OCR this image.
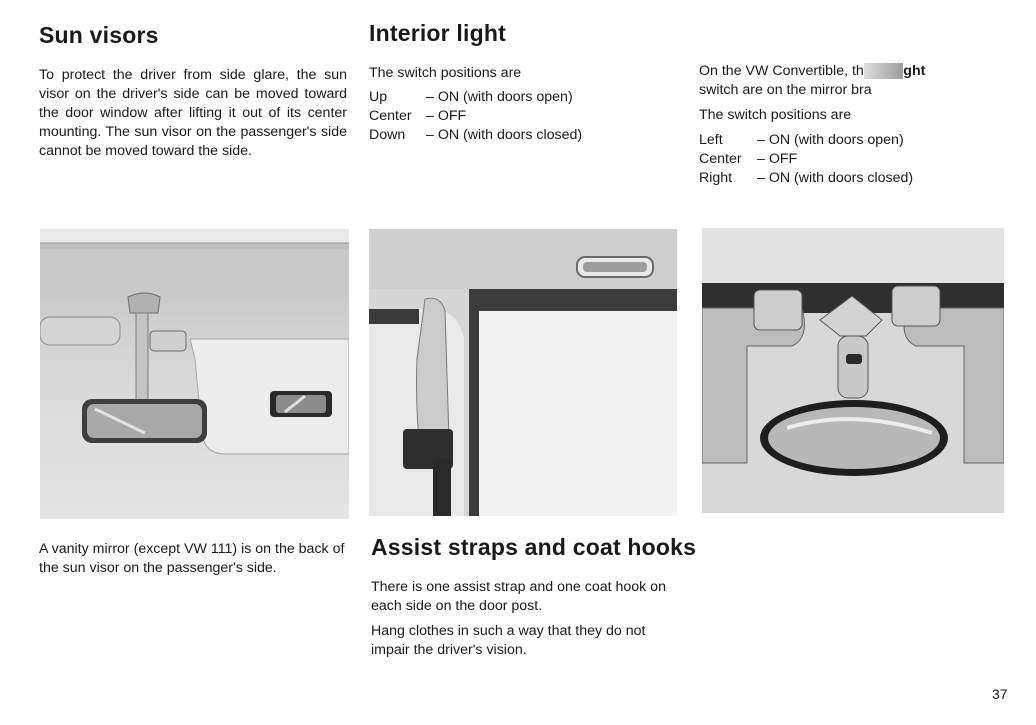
Sun visors

To protect the driver from side glare, the sun visor on the driver's side can be moved toward the door window after lifting it out of its center mounting. The sun visor on the passenger's side cannot be moved toward the side.

A vanity mirror (except VW 111) is on the back of the sun visor on the passenger's side.

Interior light
The switch positions are
Up	– ON (with doors open)
Center	– OFF
Down	– ON (with doors closed)
Assist straps and coat hooks

There is one assist strap and one coat hook on each side on the door post.

Hang clothes in such a way that they do not impair the driver's vision.

On the VW Convertible, th	ght
switch are on the mirror bra
The switch positions are
Left	– ON (with doors open)
Center	– OFF
Right	– ON (with doors closed)
37
